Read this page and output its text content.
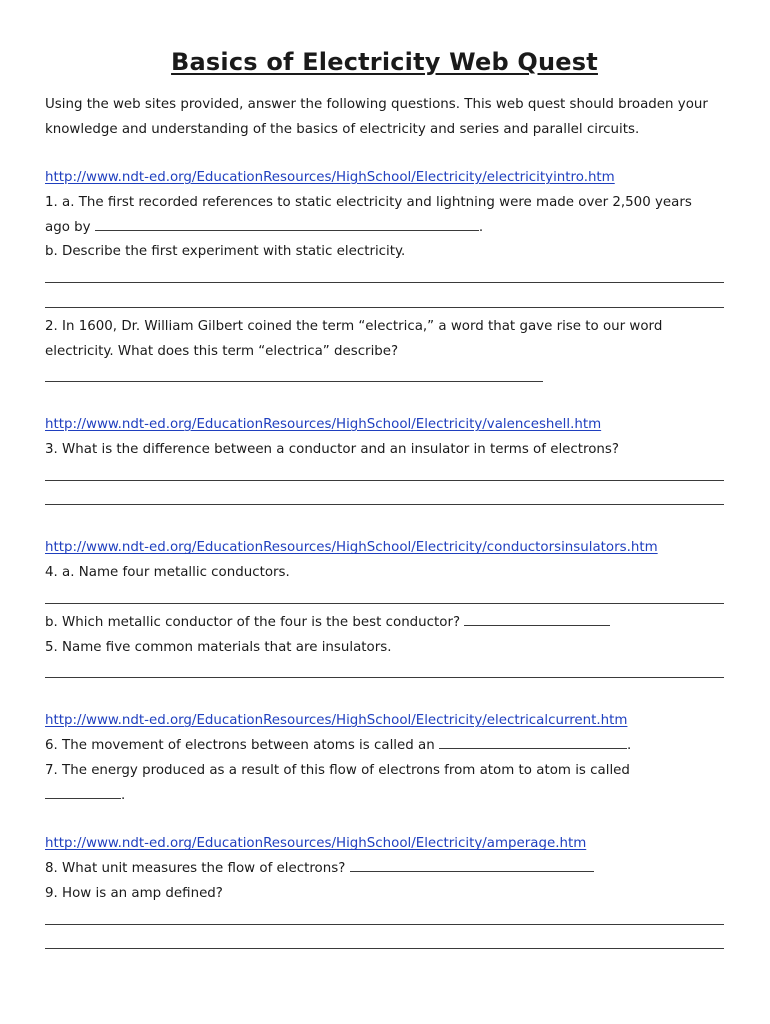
Basics of Electricity Web Quest
Using the web sites provided, answer the following questions. This web quest should broaden your knowledge and understanding of the basics of electricity and series and parallel circuits.
http://www.ndt-ed.org/EducationResources/HighSchool/Electricity/electricityintro.htm
1. a. The first recorded references to static electricity and lightning were made over 2,500 years
ago by	.
b. Describe the first experiment with static electricity.
2. In 1600, Dr. William Gilbert coined the term “electrica,” a word that gave rise to our word electricity. What does this term “electrica” describe?
http://www.ndt-ed.org/EducationResources/HighSchool/Electricity/valenceshell.htm
3. What is the difference between a conductor and an insulator in terms of electrons?
http://www.ndt-ed.org/EducationResources/HighSchool/Electricity/conductorsinsulators.htm
4. a. Name four metallic conductors.
b. Which metallic conductor of the four is the best conductor?
5. Name five common materials that are insulators.
http://www.ndt-ed.org/EducationResources/HighSchool/Electricity/electricalcurrent.htm
6. The movement of electrons between atoms is called an	.
7. The energy produced as a result of this flow of electrons from atom to atom is called
.
http://www.ndt-ed.org/EducationResources/HighSchool/Electricity/amperage.htm
8. What unit measures the flow of electrons?
9. How is an amp defined?
